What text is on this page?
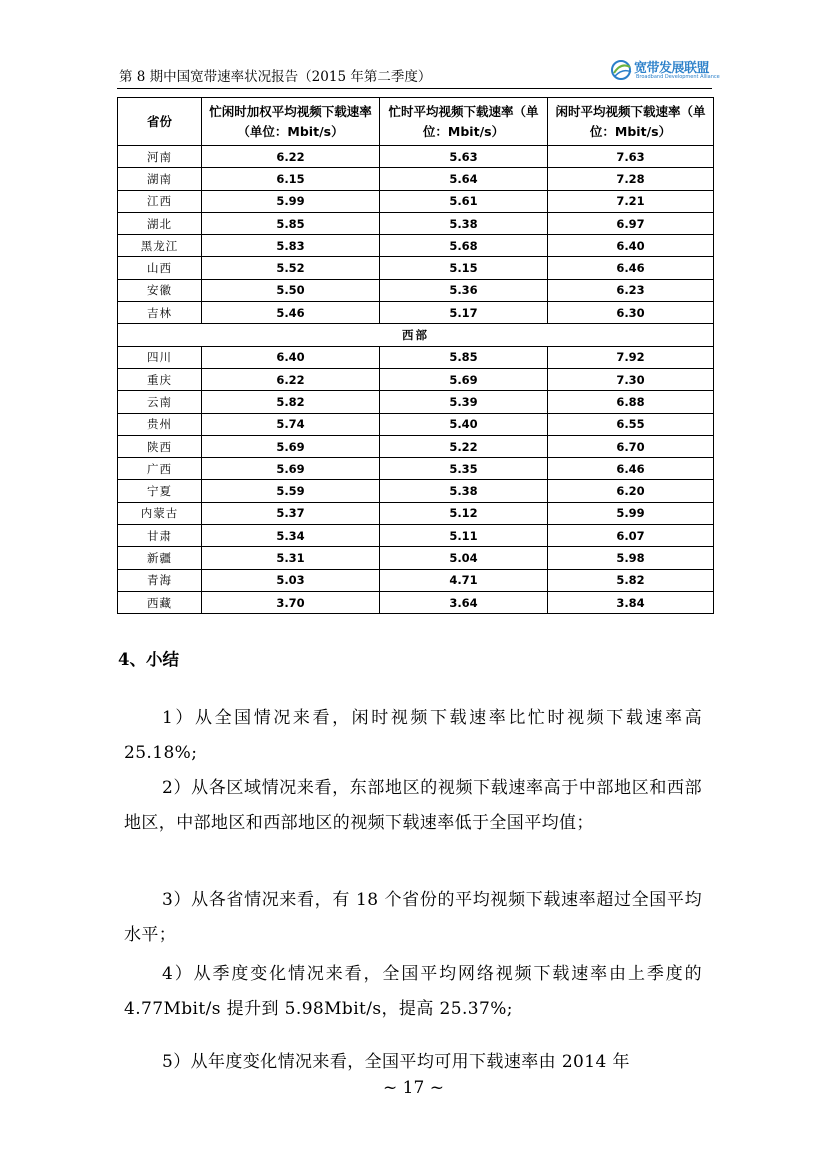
第 8 期中国宽带速率状况报告（2015 年第二季度）
宽带发展联盟
Broadband Development Alliance
省份	忙闲时加权平均视频下载速率（单位：Mbit/s）	忙时平均视频下载速率（单位：Mbit/s）	闲时平均视频下载速率（单位：Mbit/s）
河南	6.22	5.63	7.63
湖南	6.15	5.64	7.28
江西	5.99	5.61	7.21
湖北	5.85	5.38	6.97
黑龙江	5.83	5.68	6.40
山西	5.52	5.15	6.46
安徽	5.50	5.36	6.23
吉林	5.46	5.17	6.30
西部			
四川	6.40	5.85	7.92
重庆	6.22	5.69	7.30
云南	5.82	5.39	6.88
贵州	5.74	5.40	6.55
陕西	5.69	5.22	6.70
广西	5.69	5.35	6.46
宁夏	5.59	5.38	6.20
内蒙古	5.37	5.12	5.99
甘肃	5.34	5.11	6.07
新疆	5.31	5.04	5.98
青海	5.03	4.71	5.82
西藏	3.70	3.64	3.84
4、小结
1）从全国情况来看，闲时视频下载速率比忙时视频下载速率高 25.18%;
2）从各区域情况来看，东部地区的视频下载速率高于中部地区和西部地区，中部地区和西部地区的视频下载速率低于全国平均值；
3）从各省情况来看，有 18 个省份的平均视频下载速率超过全国平均水平；
4）从季度变化情况来看，全国平均网络视频下载速率由上季度的 4.77Mbit/s 提升到 5.98Mbit/s，提高 25.37%;
5）从年度变化情况来看，全国平均可用下载速率由 2014 年
~ 17 ~
